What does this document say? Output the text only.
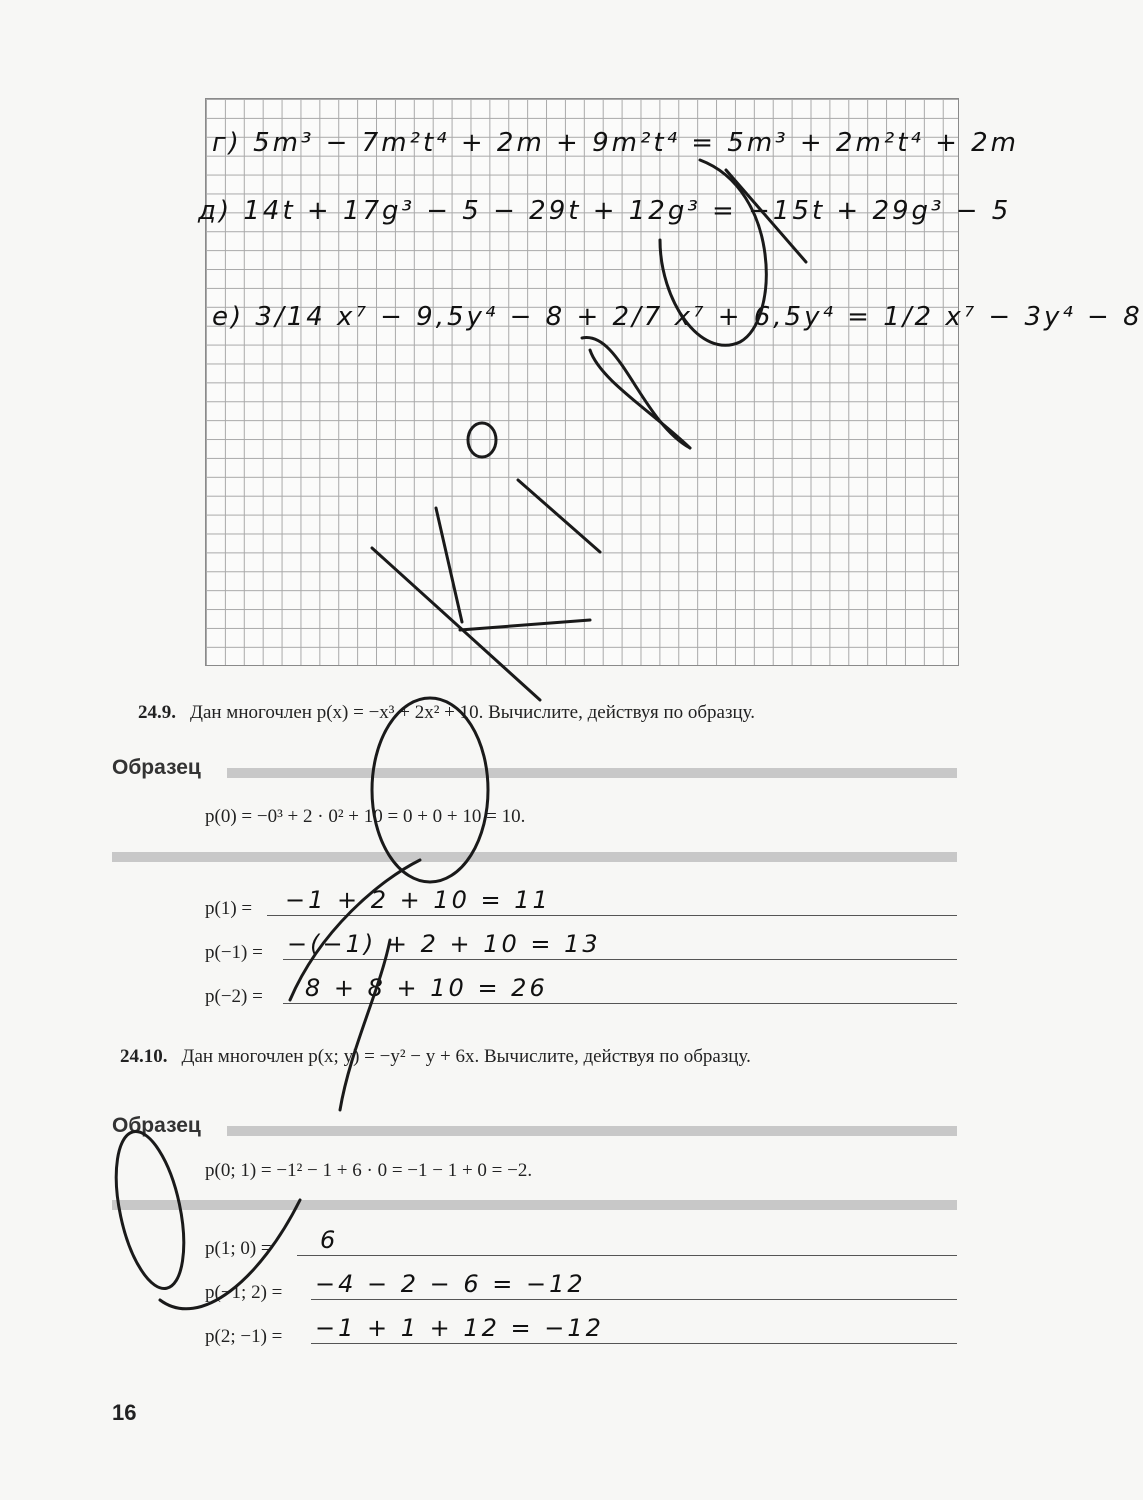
г) 5m³ − 7m²t⁴ + 2m + 9m²t⁴ = 5m³ + 2m²t⁴ + 2m
д) 14t + 17g³ − 5 − 29t + 12g³ = −15t + 29g³ − 5
е) 3/14 x⁷ − 9,5y⁴ − 8 + 2/7 x⁷ + 6,5y⁴ = 1/2 x⁷ − 3y⁴ − 8
24.9. Дан многочлен p(x) = −x³ + 2x² + 10. Вычислите, действуя по образцу.
Образец
p(0) = −0³ + 2 · 0² + 10 = 0 + 0 + 10 = 10.
p(1) = −1 + 2 + 10 = 11
p(−1) = −(−1) + 2 + 10 = 13
p(−2) = 8 + 8 + 10 = 26
24.10. Дан многочлен p(x; y) = −y² − y + 6x. Вычислите, действуя по образцу.
Образец
p(0; 1) = −1² − 1 + 6 · 0 = −1 − 1 + 0 = −2.
p(1; 0) = 6
p(−1; 2) = −4 − 2 − 6 = −12
p(2; −1) = −1 + 1 + 12 = −12
16
